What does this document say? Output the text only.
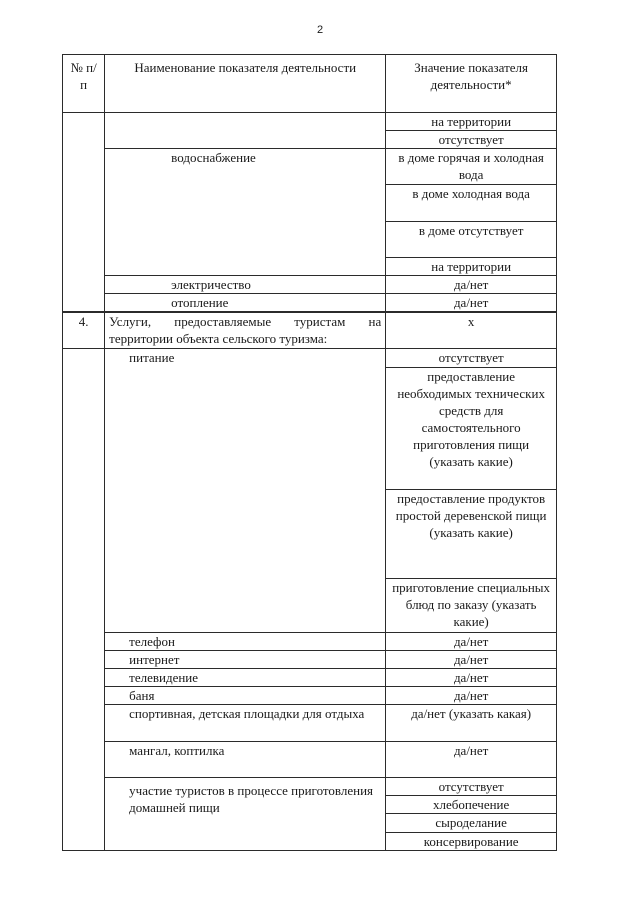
2
№ п/п	Наименование показателя деятельности	Значение показателя деятельности*
		на территории
		отсутствует
	водоснабжение	в доме горячая и холодная вода
		в доме холодная вода
		в доме отсутствует
		на территории
	электричество	да/нет
	отопление	да/нет
4.	Услуги, предоставляемые туристам на территории объекта сельского туризма:	х
	питание	отсутствует
		предоставление необходимых технических средств для самостоятельного приготовления пищи (указать какие)
		предоставление продуктов простой деревенской пищи (указать какие)
		приготовление специальных блюд по заказу (указать какие)
	телефон	да/нет
	интернет	да/нет
	телевидение	да/нет
	баня	да/нет
	спортивная, детская площадки для отдыха	да/нет (указать какая)
	мангал, коптилка	да/нет
	участие туристов в процессе приготовления домашней пищи	отсутствует
		хлебопечение
		сыроделание
		консервирование
